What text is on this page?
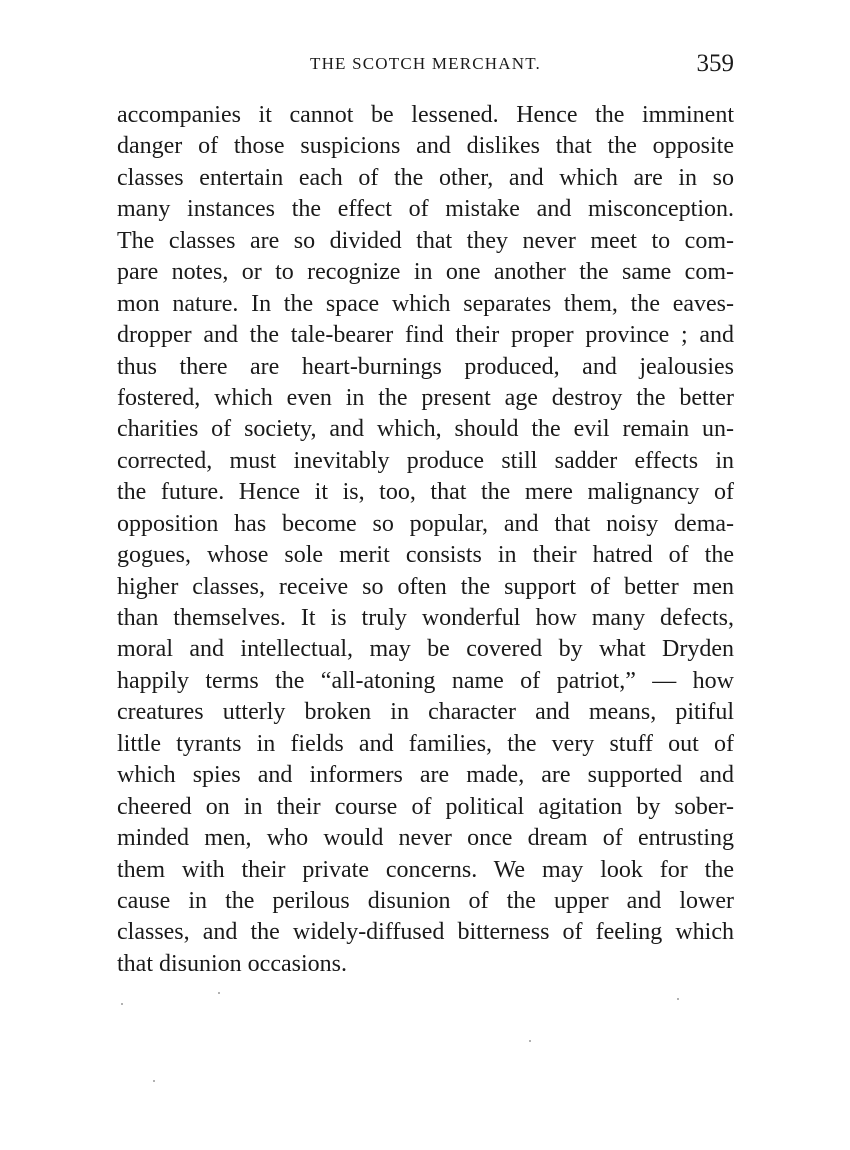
THE SCOTCH MERCHANT.	359
accompanies it cannot be lessened. Hence the imminent
danger of those suspicions and dislikes that the opposite
classes entertain each of the other, and which are in so
many instances the effect of mistake and misconception.
The classes are so divided that they never meet to com-
pare notes, or to recognize in one another the same com-
mon nature. In the space which separates them, the eaves-
dropper and the tale-bearer find their proper province ; and
thus there are heart-burnings produced, and jealousies
fostered, which even in the present age destroy the better
charities of society, and which, should the evil remain un-
corrected, must inevitably produce still sadder effects in
the future. Hence it is, too, that the mere malignancy of
opposition has become so popular, and that noisy dema-
gogues, whose sole merit consists in their hatred of the
higher classes, receive so often the support of better men
than themselves. It is truly wonderful how many defects,
moral and intellectual, may be covered by what Dryden
happily terms the “all-atoning name of patriot,” — how
creatures utterly broken in character and means, pitiful
little tyrants in fields and families, the very stuff out of
which spies and informers are made, are supported and
cheered on in their course of political agitation by sober-
minded men, who would never once dream of entrusting
them with their private concerns. We may look for the
cause in the perilous disunion of the upper and lower
classes, and the widely-diffused bitterness of feeling which
that disunion occasions.
